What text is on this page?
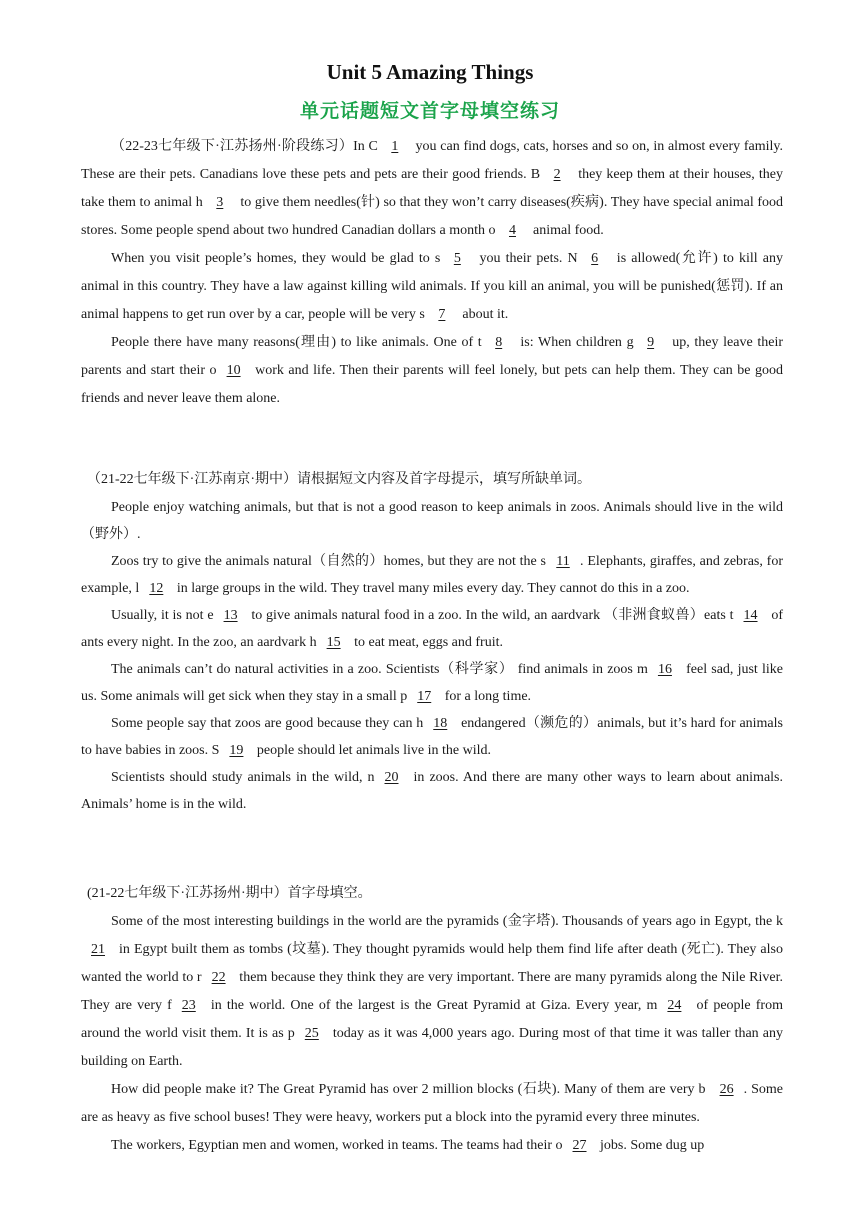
Unit 5 Amazing Things
单元话题短文首字母填空练习

（22-23七年级下·江苏扬州·阶段练习）In C 1 you can find dogs, cats, horses and so on, in almost every family. These are their pets. Canadians love these pets and pets are their good friends. B 2 they keep them at their houses, they take them to animal h 3 to give them needles(针) so that they won’t carry diseases(疾病). They have special animal food stores. Some people spend about two hundred Canadian dollars a month o 4 animal food.

When you visit people’s homes, they would be glad to s 5 you their pets. N 6 is allowed(允许) to kill any animal in this country. They have a law against killing wild animals. If you kill an animal, you will be punished(惩罚). If an animal happens to get run over by a car, people will be very s 7 about it.

People there have many reasons(理由) to like animals. One of t 8 is: When children g 9 up, they leave their parents and start their o 10 work and life. Then their parents will feel lonely, but pets can help them. They can be good friends and never leave them alone.

（21-22七年级下·江苏南京·期中）请根据短文内容及首字母提示，填写所缺单词。

People enjoy watching animals, but that is not a good reason to keep animals in zoos. Animals should live in the wild（野外）.

Zoos try to give the animals natural（自然的）homes, but they are not the s 11 . Elephants, giraffes, and zebras, for example, l 12 in large groups in the wild. They travel many miles every day. They cannot do this in a zoo.

Usually, it is not e 13 to give animals natural food in a zoo. In the wild, an aardvark （非洲食蚁兽）eats t 14 of ants every night. In the zoo, an aardvark h 15 to eat meat, eggs and fruit.

The animals can’t do natural activities in a zoo. Scientists（科学家） find animals in zoos m 16 feel sad, just like us. Some animals will get sick when they stay in a small p 17 for a long time.

Some people say that zoos are good because they can h 18 endangered（濒危的）animals, but it’s hard for animals to have babies in zoos. S 19 people should let animals live in the wild.

Scientists should study animals in the wild, n 20 in zoos. And there are many other ways to learn about animals. Animals’ home is in the wild.

(21-22七年级下·江苏扬州·期中）首字母填空。

Some of the most interesting buildings in the world are the pyramids (金字塔). Thousands of years ago in Egypt, the k21 in Egypt built them as tombs (坟墓). They thought pyramids would help them find life after death (死亡). They also wanted the world to r 22 them because they think they are very important. There are many pyramids along the Nile River. They are very f 23 in the world. One of the largest is the Great Pyramid at Giza. Every year, m 24 of people from around the world visit them. It is as p 25 today as it was 4,000 years ago. During most of that time it was taller than any building on Earth.

How did people make it? The Great Pyramid has over 2 million blocks (石块). Many of them are very b 26 . Some are as heavy as five school buses! They were heavy, workers put a block into the pyramid every three minutes.

The workers, Egyptian men and women, worked in teams. The teams had their o 27 jobs. Some dug up
